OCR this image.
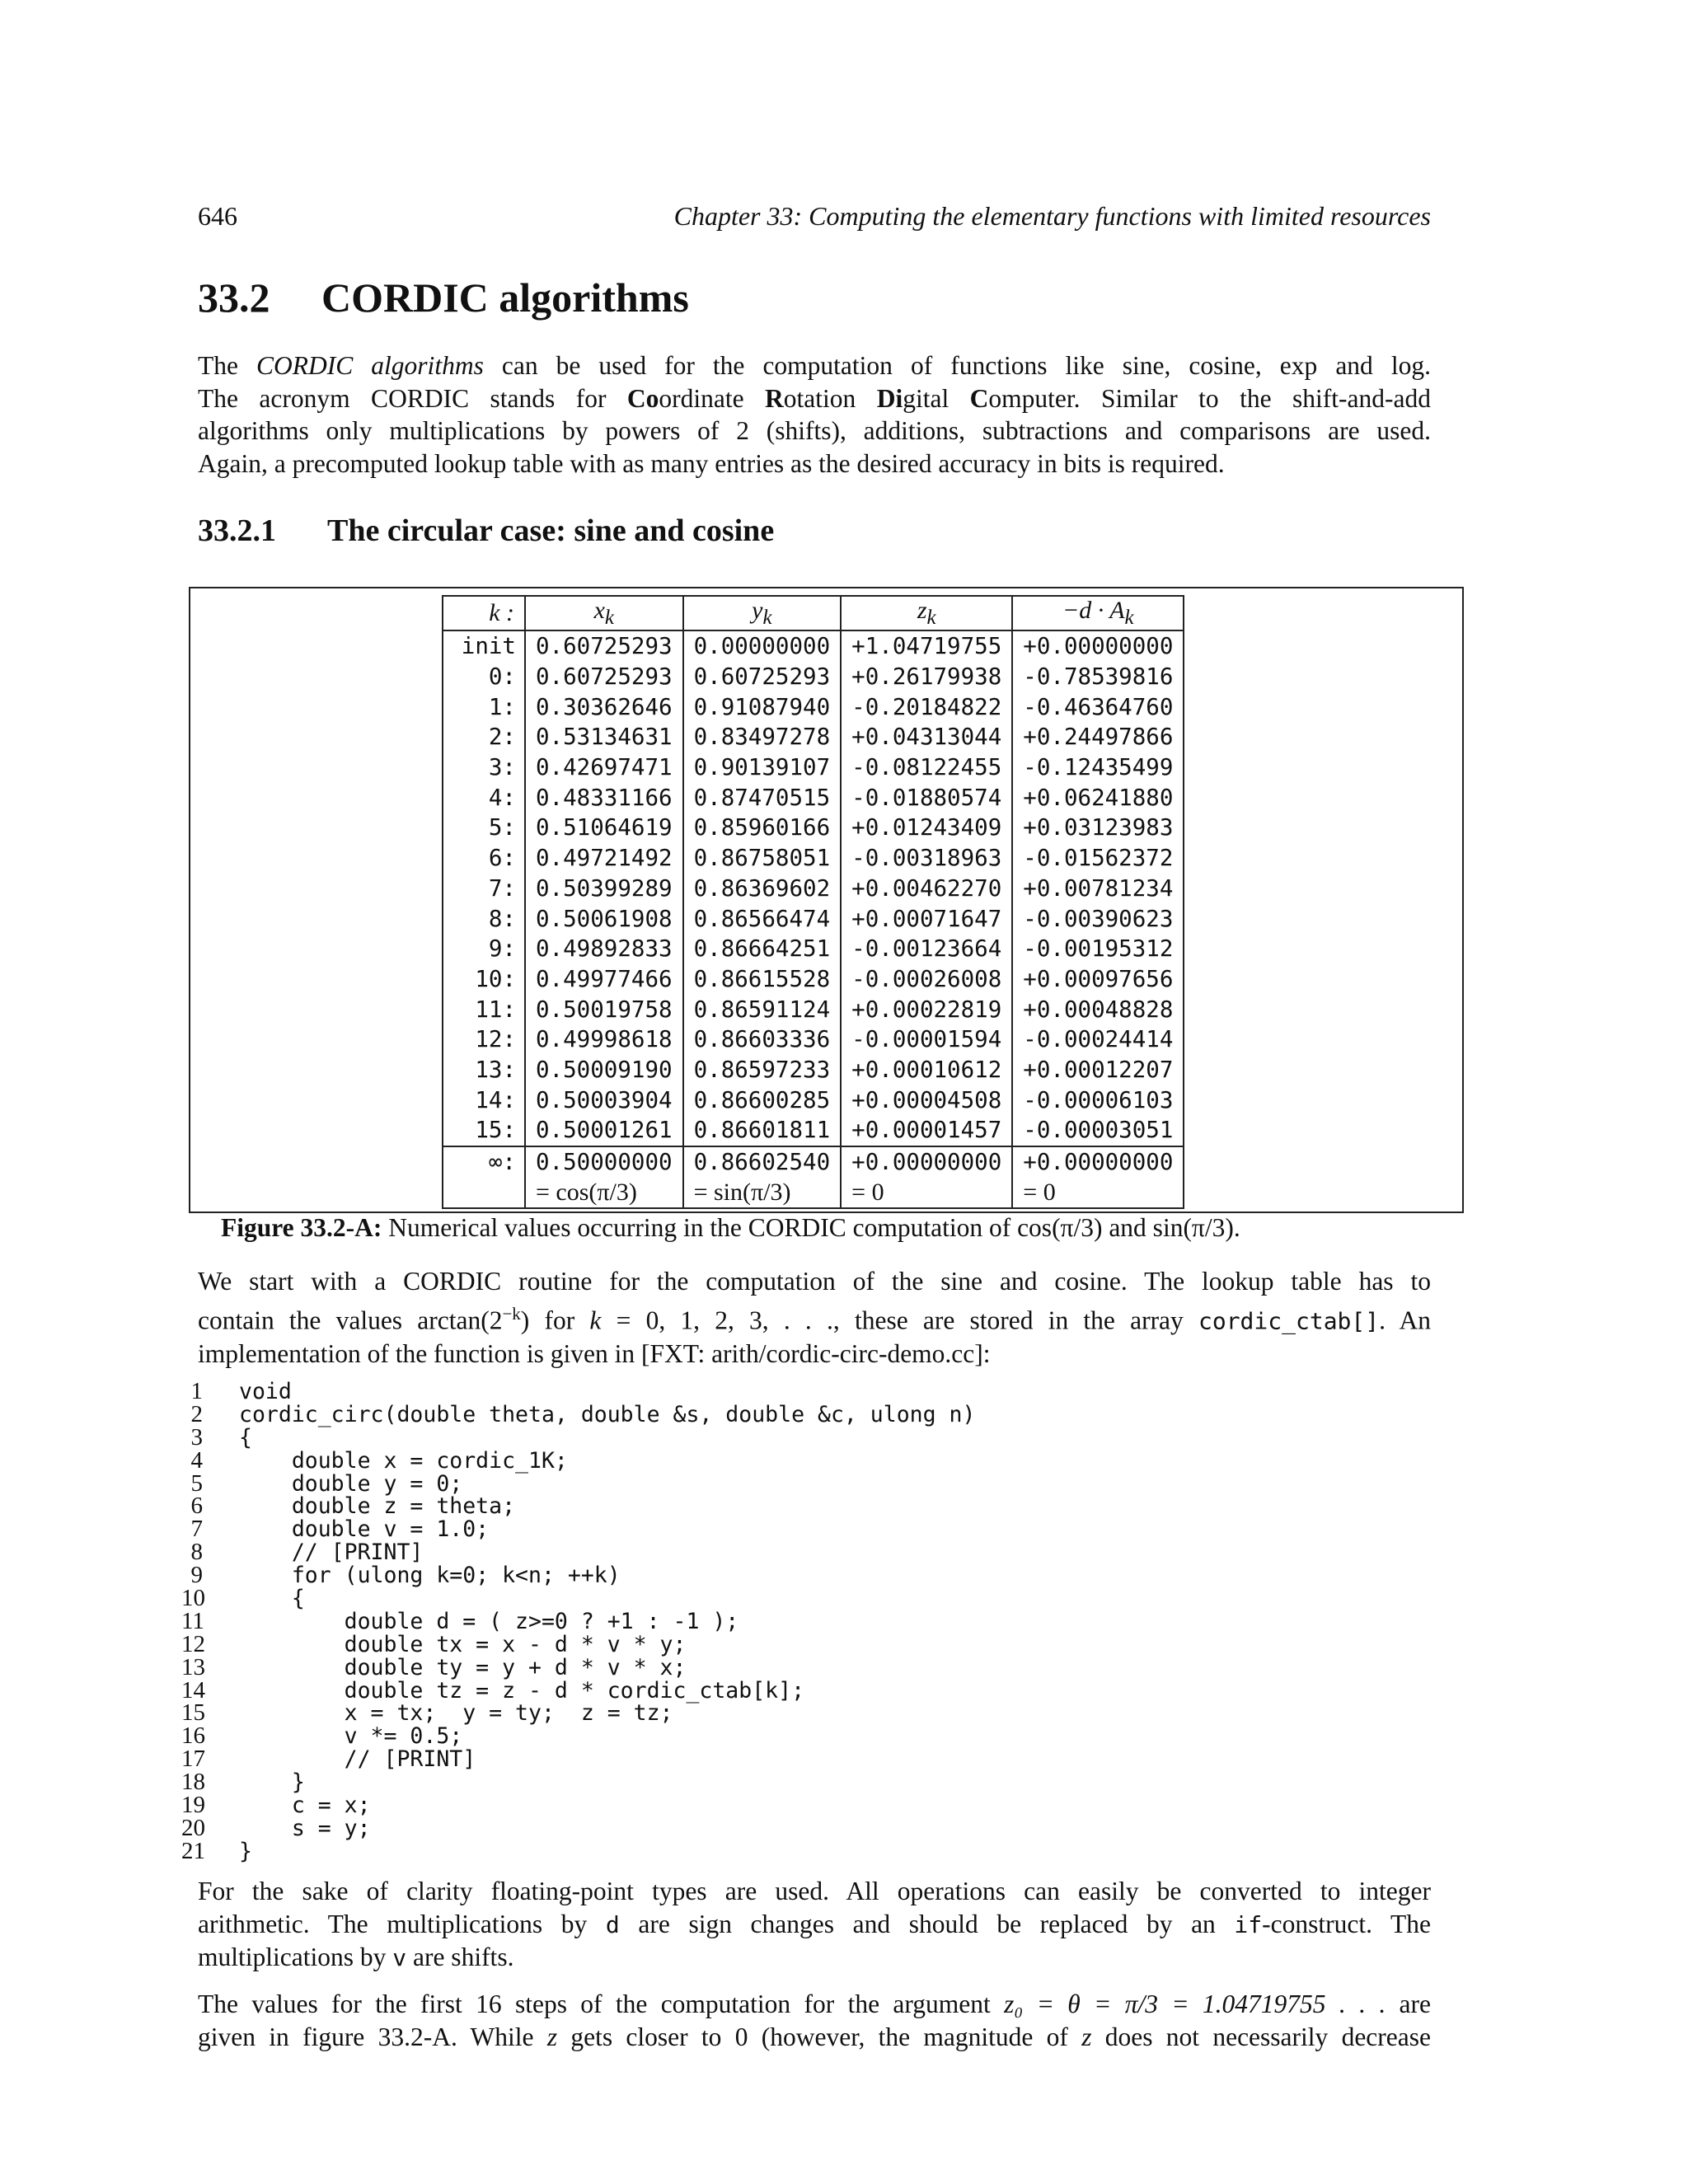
646	Chapter 33: Computing the elementary functions with limited resources
33.2 CORDIC algorithms
The CORDIC algorithms can be used for the computation of functions like sine, cosine, exp and log.
The acronym CORDIC stands for Coordinate Rotation Digital Computer. Similar to the shift-and-add
algorithms only multiplications by powers of 2 (shifts), additions, subtractions and comparisons are used.
Again, a precomputed lookup table with as many entries as the desired accuracy in bits is required.
33.2.1 The circular case: sine and cosine
k :	$x_k$	$y_k$	$z_k$	$-d \cdot A_k$
init	0.60725293	0.00000000	+1.04719755	+0.00000000
0:	0.60725293	0.60725293	+0.26179938	-0.78539816
1:	0.30362646	0.91087940	-0.20184822	-0.46364760
2:	0.53134631	0.83497278	+0.04313044	+0.24497866
3:	0.42697471	0.90139107	-0.08122455	-0.12435499
4:	0.48331166	0.87470515	-0.01880574	+0.06241880
5:	0.51064619	0.85960166	+0.01243409	+0.03123983
6:	0.49721492	0.86758051	-0.00318963	-0.01562372
7:	0.50399289	0.86369602	+0.00462270	+0.00781234
8:	0.50061908	0.86566474	+0.00071647	-0.00390623
9:	0.49892833	0.86664251	-0.00123664	-0.00195312
10:	0.49977466	0.86615528	-0.00026008	+0.00097656
11:	0.50019758	0.86591124	+0.00022819	+0.00048828
12:	0.49998618	0.86603336	-0.00001594	-0.00024414
13:	0.50009190	0.86597233	+0.00010612	+0.00012207
14:	0.50003904	0.86600285	+0.00004508	-0.00006103
15:	0.50001261	0.86601811	+0.00001457	-0.00003051
∞:	0.50000000	0.86602540	+0.00000000	+0.00000000
	= cos(π/3)	= sin(π/3)	= 0	= 0
Figure 33.2-A: Numerical values occurring in the CORDIC computation of cos(π/3) and sin(π/3).
We start with a CORDIC routine for the computation of the sine and cosine. The lookup table has to
contain the values $\arctan(2^{-k})$ for k = 0, 1, 2, 3, . . ., these are stored in the array cordic_ctab[]. An
implementation of the function is given in [FXT: arith/cordic-circ-demo.cc]:
1 void
2 cordic_circ(double theta, double &s, double &c, ulong n)
3 {
4 double x = cordic_1K;
5 double y = 0;
6 double z = theta;
7 double v = 1.0;
8 // [PRINT]
9 for (ulong k=0; k<n; ++k)
10 {
11 double d = ( z>=0 ? +1 : -1 );
12 double tx = x - d * v * y;
13 double ty = y + d * v * x;
14 double tz = z - d * cordic_ctab[k];
15 x = tx;  y = ty;  z = tz;
16 v *= 0.5;
17 // [PRINT]
18 }
19 c = x;
20 s = y;
21 }
For the sake of clarity floating-point types are used. All operations can easily be converted to integer
arithmetic. The multiplications by d are sign changes and should be replaced by an if-construct. The
multiplications by v are shifts.
The values for the first 16 steps of the computation for the argument z₀ = θ = π/3 = 1.04719755 . . . are
given in figure 33.2-A. While z gets closer to 0 (however, the magnitude of z does not necessarily decrease
